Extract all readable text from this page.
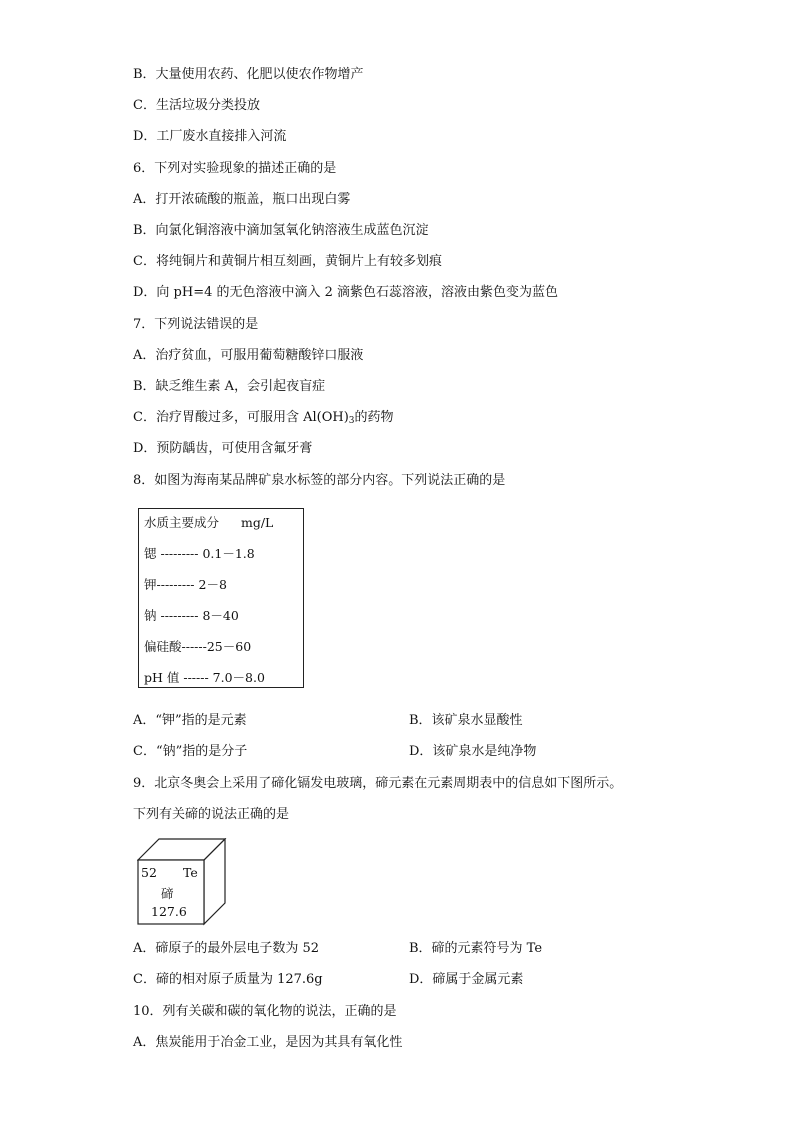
B．大量使用农药、化肥以使农作物增产
C．生活垃圾分类投放
D．工厂废水直接排入河流
6．下列对实验现象的描述正确的是
A．打开浓硫酸的瓶盖，瓶口出现白雾
B．向氯化铜溶液中滴加氢氧化钠溶液生成蓝色沉淀
C．将纯铜片和黄铜片相互刻画，黄铜片上有较多划痕
D．向 pH=4 的无色溶液中滴入 2 滴紫色石蕊溶液，溶液由紫色变为蓝色
7．下列说法错误的是
A．治疗贫血，可服用葡萄糖酸锌口服液
B．缺乏维生素 A，会引起夜盲症
C．治疗胃酸过多，可服用含 $Al(OH)_3$的药物
D．预防龋齿，可使用含氟牙膏
8．如图为海南某品牌矿泉水标签的部分内容。下列说法正确的是
水质主要成分 mg/L
锶 --------- 0.1－1.8
钾--------- 2－8
钠 --------- 8－40
偏硅酸------25－60
pH 值 ------ 7.0－8.0
A．“钾”指的是元素	B．该矿泉水显酸性
C．“钠”指的是分子	D．该矿泉水是纯净物
9．北京冬奥会上采用了碲化镉发电玻璃，碲元素在元素周期表中的信息如下图所示。
下列有关碲的说法正确的是
52 Te
碲
127.6
A．碲原子的最外层电子数为 52	B．碲的元素符号为 Te
C．碲的相对原子质量为 127.6g	D．碲属于金属元素
10．列有关碳和碳的氧化物的说法，正确的是
A．焦炭能用于冶金工业，是因为其具有氧化性
